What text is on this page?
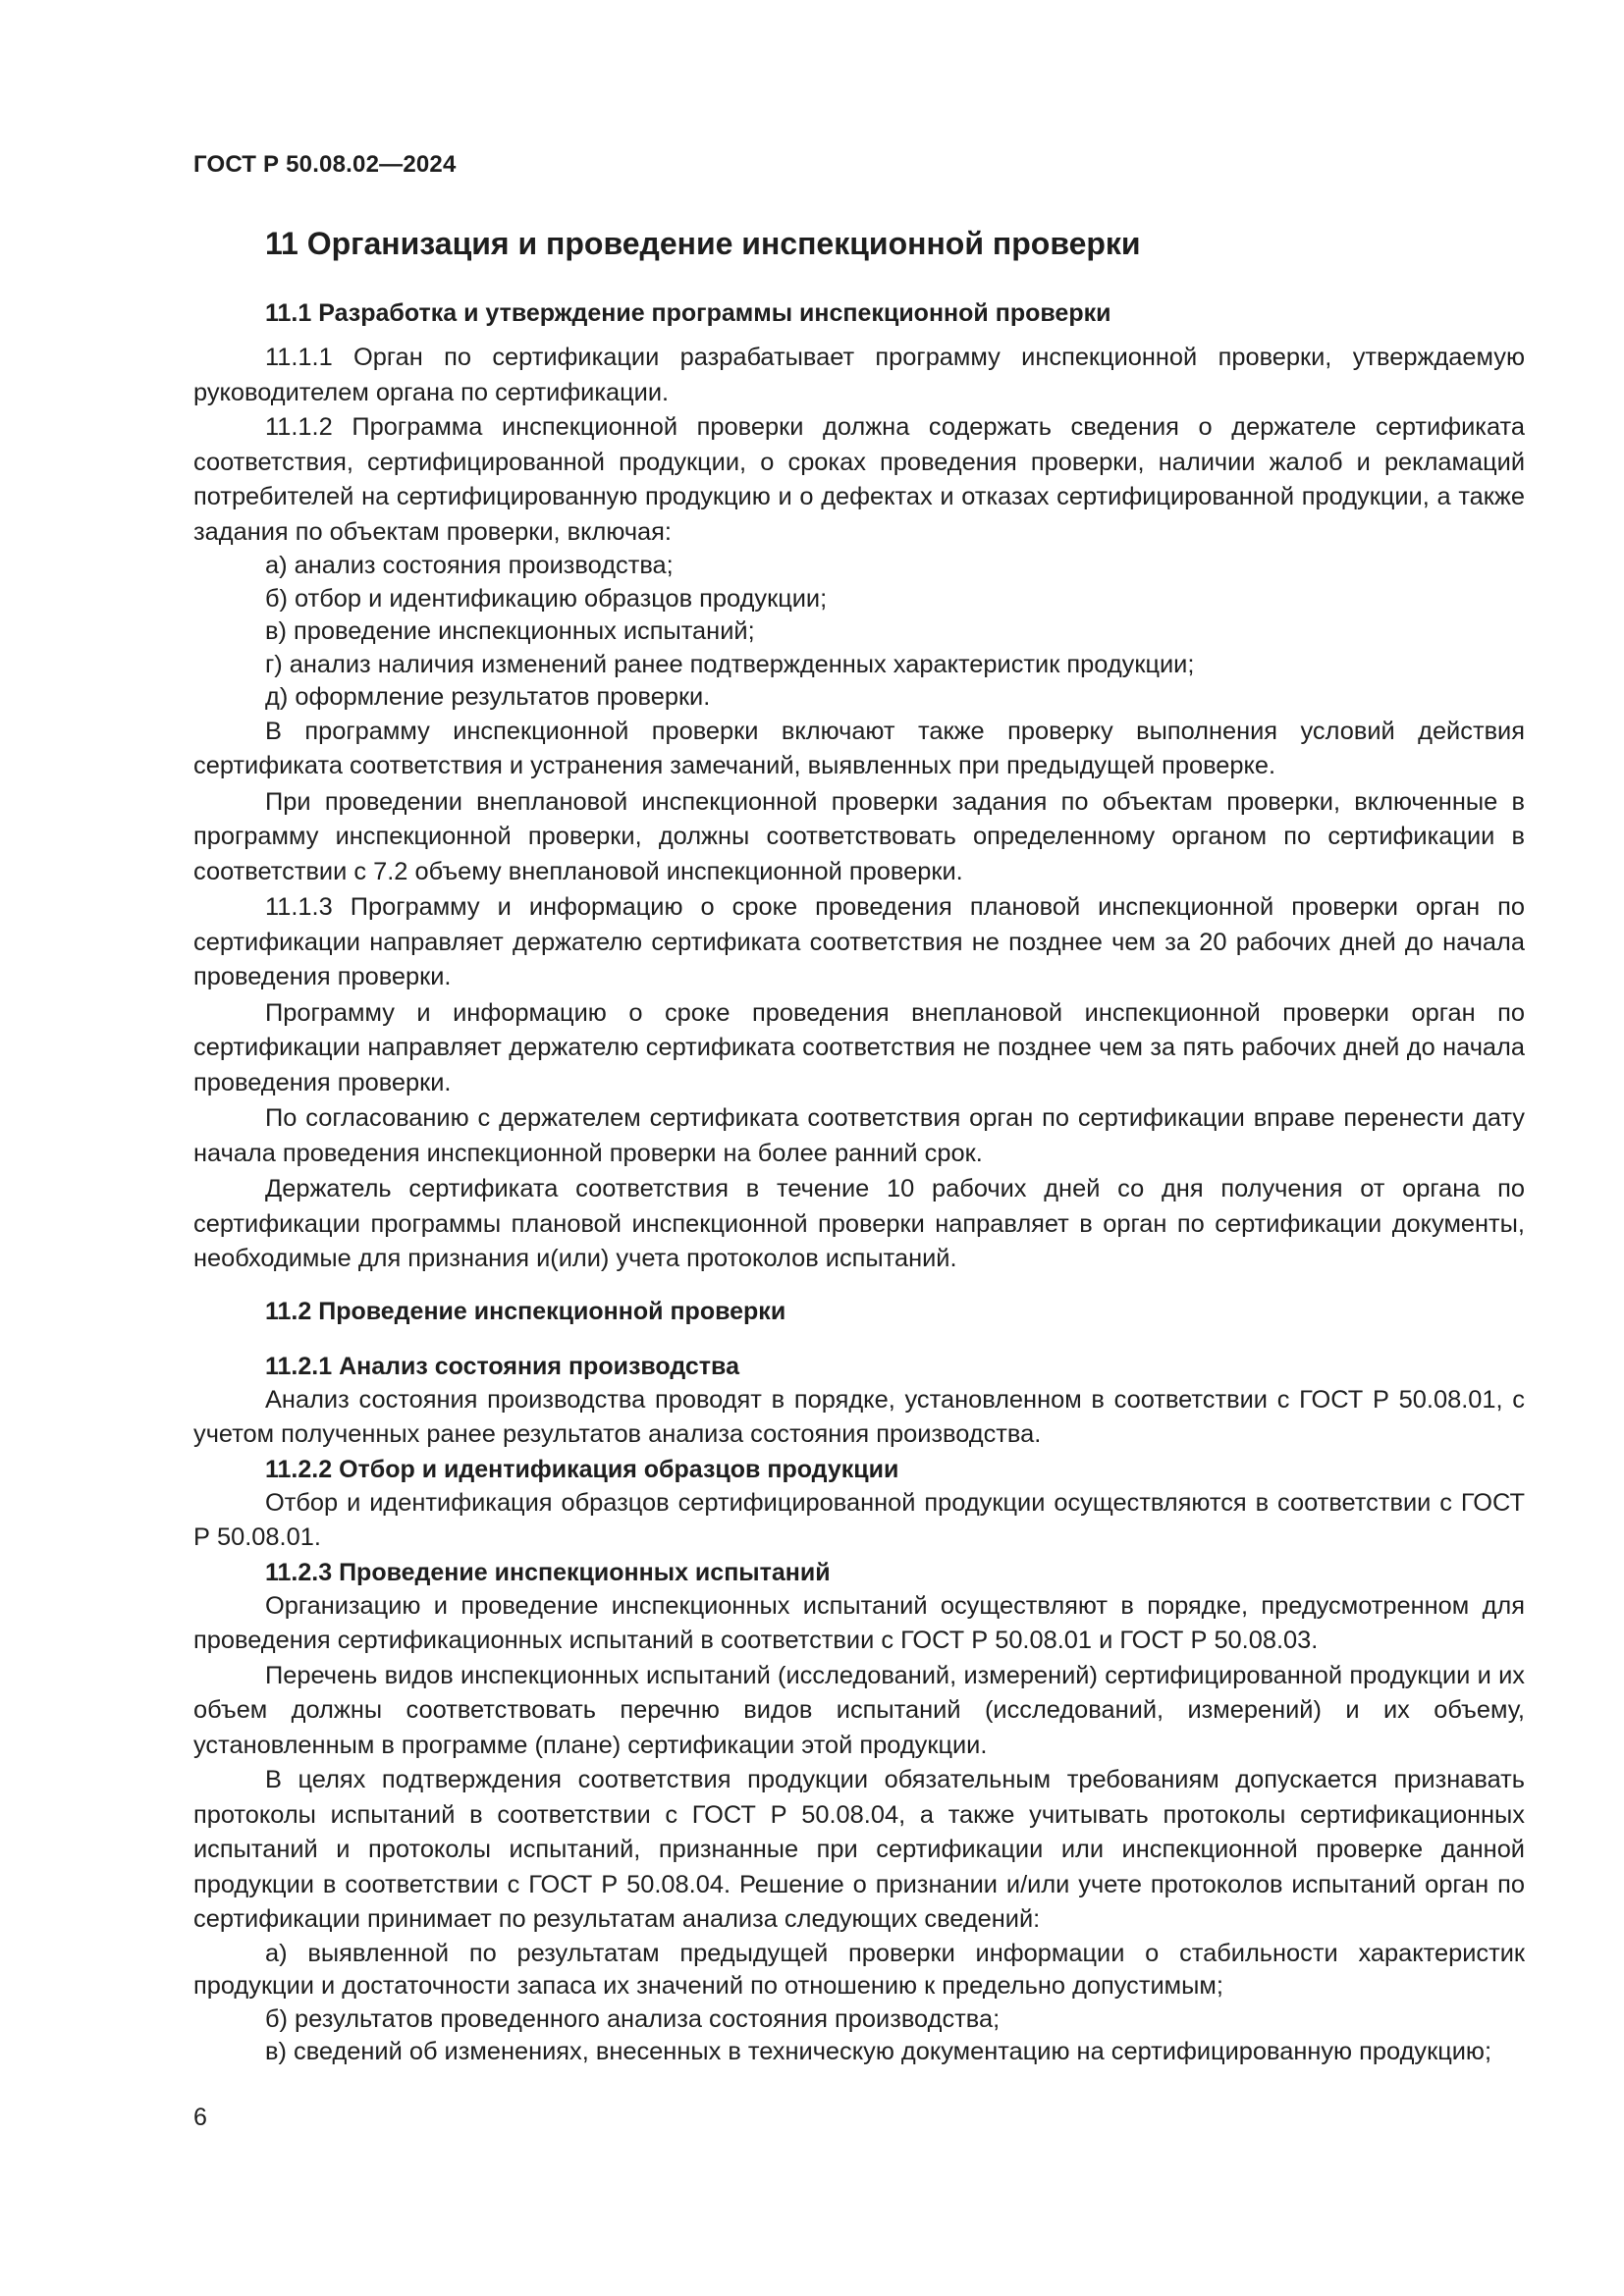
ГОСТ Р 50.08.02—2024
11 Организация и проведение инспекционной проверки
11.1 Разработка и утверждение программы инспекционной проверки

11.1.1 Орган по сертификации разрабатывает программу инспекционной проверки, утверждаемую руководителем органа по сертификации.

11.1.2 Программа инспекционной проверки должна содержать сведения о держателе сертификата соответствия, сертифицированной продукции, о сроках проведения проверки, наличии жалоб и рекламаций потребителей на сертифицированную продукцию и о дефектах и отказах сертифицированной продукции, а также задания по объектам проверки, включая:

а) анализ состояния производства;

б) отбор и идентификацию образцов продукции;

в) проведение инспекционных испытаний;

г) анализ наличия изменений ранее подтвержденных характеристик продукции;

д) оформление результатов проверки.

В программу инспекционной проверки включают также проверку выполнения условий действия сертификата соответствия и устранения замечаний, выявленных при предыдущей проверке.

При проведении внеплановой инспекционной проверки задания по объектам проверки, включенные в программу инспекционной проверки, должны соответствовать определенному органом по сертификации в соответствии с 7.2 объему внеплановой инспекционной проверки.

11.1.3 Программу и информацию о сроке проведения плановой инспекционной проверки орган по сертификации направляет держателю сертификата соответствия не позднее чем за 20 рабочих дней до начала проведения проверки.

Программу и информацию о сроке проведения внеплановой инспекционной проверки орган по сертификации направляет держателю сертификата соответствия не позднее чем за пять рабочих дней до начала проведения проверки.

По согласованию с держателем сертификата соответствия орган по сертификации вправе перенести дату начала проведения инспекционной проверки на более ранний срок.

Держатель сертификата соответствия в течение 10 рабочих дней со дня получения от органа по сертификации программы плановой инспекционной проверки направляет в орган по сертификации документы, необходимые для признания и(или) учета протоколов испытаний.

11.2 Проведение инспекционной проверки
11.2.1 Анализ состояния производства

Анализ состояния производства проводят в порядке, установленном в соответствии с ГОСТ Р 50.08.01, с учетом полученных ранее результатов анализа состояния производства.

11.2.2 Отбор и идентификация образцов продукции

Отбор и идентификация образцов сертифицированной продукции осуществляются в соответствии с ГОСТ Р 50.08.01.

11.2.3 Проведение инспекционных испытаний

Организацию и проведение инспекционных испытаний осуществляют в порядке, предусмотренном для проведения сертификационных испытаний в соответствии с ГОСТ Р 50.08.01 и ГОСТ Р 50.08.03.

Перечень видов инспекционных испытаний (исследований, измерений) сертифицированной продукции и их объем должны соответствовать перечню видов испытаний (исследований, измерений) и их объему, установленным в программе (плане) сертификации этой продукции.

В целях подтверждения соответствия продукции обязательным требованиям допускается признавать протоколы испытаний в соответствии с ГОСТ Р 50.08.04, а также учитывать протоколы сертификационных испытаний и протоколы испытаний, признанные при сертификации или инспекционной проверке данной продукции в соответствии с ГОСТ Р 50.08.04. Решение о признании и/или учете протоколов испытаний орган по сертификации принимает по результатам анализа следующих сведений:

а) выявленной по результатам предыдущей проверки информации о стабильности характеристик продукции и достаточности запаса их значений по отношению к предельно допустимым;

б) результатов проведенного анализа состояния производства;

в) сведений об изменениях, внесенных в техническую документацию на сертифицированную продукцию;

6
